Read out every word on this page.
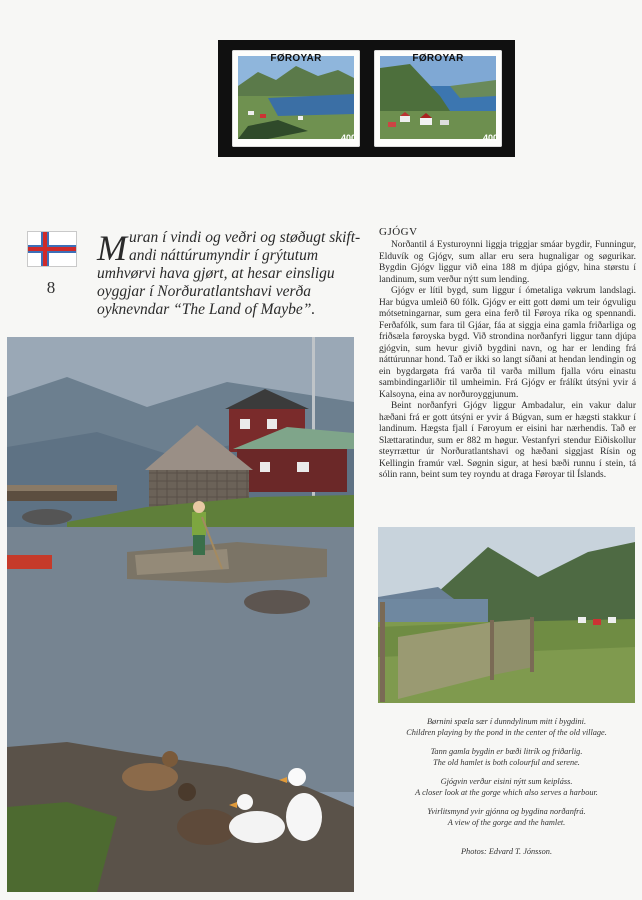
FØROYAR
400
FØROYAR
400
8
Muran í vindi og veðri og støðugt skift-andi náttúrumyndir í grýtutum umhvørvi hava gjørt, at hesar einsligu oyggjar í Norðuratlantshavi verða oyknevndar “The Land of Maybe”.
GJÓGV

Norðantil á Eysturoynni liggja triggjar smáar bygdir, Funningur, Elduvík og Gjógv, sum allar eru sera hugnaligar og søgurikar. Bygdin Gjógv liggur við eina 188 m djúpa gjógv, hina størstu í landinum, sum verður nýtt sum lending.

Gjógv er lítil bygd, sum liggur í ómetaliga vøkrum landslagi. Har búgva umleið 60 fólk. Gjógv er eitt gott dømi um teir ógvuligu mótsetningarnar, sum gera eina ferð til Føroya ríka og spennandi. Ferðafólk, sum fara til Gjáar, fáa at siggja eina gamla friðarliga og friðsæla føroyska bygd. Við strondina norðanfyri liggur tann djúpa gjógvin, sum hevur givið bygdini navn, og har er lending frá náttúrunnar hond. Tað er ikki so langt síðani at hendan lendingin og ein bygdargøta frá varða til varða millum fjalla vóru einastu sambindingarliðir til umheimin. Frá Gjógv er frálíkt útsýni yvir á Kalsoyna, eina av norðuroyggjunum.

Beint norðanfyri Gjógv liggur Ambadalur, ein vakur dalur hæðani frá er gott útsýni er yvir á Búgvan, sum er hægsti stakkur í landinum. Hægsta fjall í Føroyum er eisini har nærhendis. Tað er Slættaratindur, sum er 882 m høgur. Vestanfyri stendur Eiðiskollur steyrrættur úr Norðuratlantshavi og hæðani siggjast Rísin og Kellingin framúr væl. Søgnin sigur, at hesi bæði runnu í stein, tá sólin rann, beint sum tey royndu at draga Føroyar til Íslands.

Børnini spæla sær í dunndylinum mitt í bygdini.
Children playing by the pond in the center of the old village.
Tann gamla bygdin er bæði litrík og friðarlig.
The old hamlet is both colourful and serene.
Gjógvin verður eisini nýtt sum keipláss.
A closer look at the gorge which also serves a harbour.
Yvirlitsmynd yvir gjónna og bygdina norðanfrá.
A view of the gorge and the hamlet.
Photos: Edvard T. Jónsson.
